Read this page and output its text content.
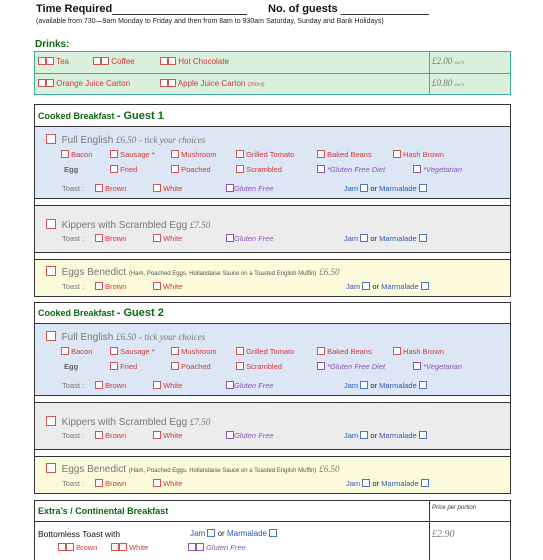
Time Required	No. of guests
(available from 730—9am Monday to Friday and then from 8am to 930am Saturday, Sunday and Bank Holidays)
Drinks:
Tea	Coffee	Hot Chocolate	£2.00 each
Orange Juice Carton	Apple Juice Carton (200ml)	£0.80 each
Cooked Breakfast - Guest 1
Full English £6.50 - tick your choices
Bacon	Sausage *	Mushroom	Grilled Tomato	Baked Beans	Hash Brown
Egg	Fried	Poached	Scrambled	*Gluten Free Diet	*Vegetarian
Toast :	Brown	White	Gluten Free	Jam or Marmalade
Kippers with Scrambled Egg £7.50
Toast :	Brown	White	Gluten Free	Jam or Marmalade
Eggs Benedict (Ham, Poached Eggs, Hollandaise Sauce on a Toasted English Muffin) £6.50
Toast :	Brown	White	Jam or Marmalade
Cooked Breakfast - Guest 2
Full English £6.50 - tick your choices
Bacon	Sausage *	Mushroom	Grilled Tomato	Baked Beans	Hash Brown
Egg	Fried	Poached	Scrambled	*Gluten Free Diet	*Vegetarian
Toast :	Brown	White	Gluten Free	Jam or Marmalade
Kippers with Scrambled Egg £7.50
Toast :	Brown	White	Gluten Free	Jam or Marmalade
Eggs Benedict (Ham, Poached Eggs, Hollandaise Sauce on a Toasted English Muffin) £6.50
Toast :	Brown	White	Jam or Marmalade
Extra’s / Continental Breakfast	Price per portion
Bottomless Toast with	Jam or Marmalade	£2.90
Brown	White	Gluten Free
